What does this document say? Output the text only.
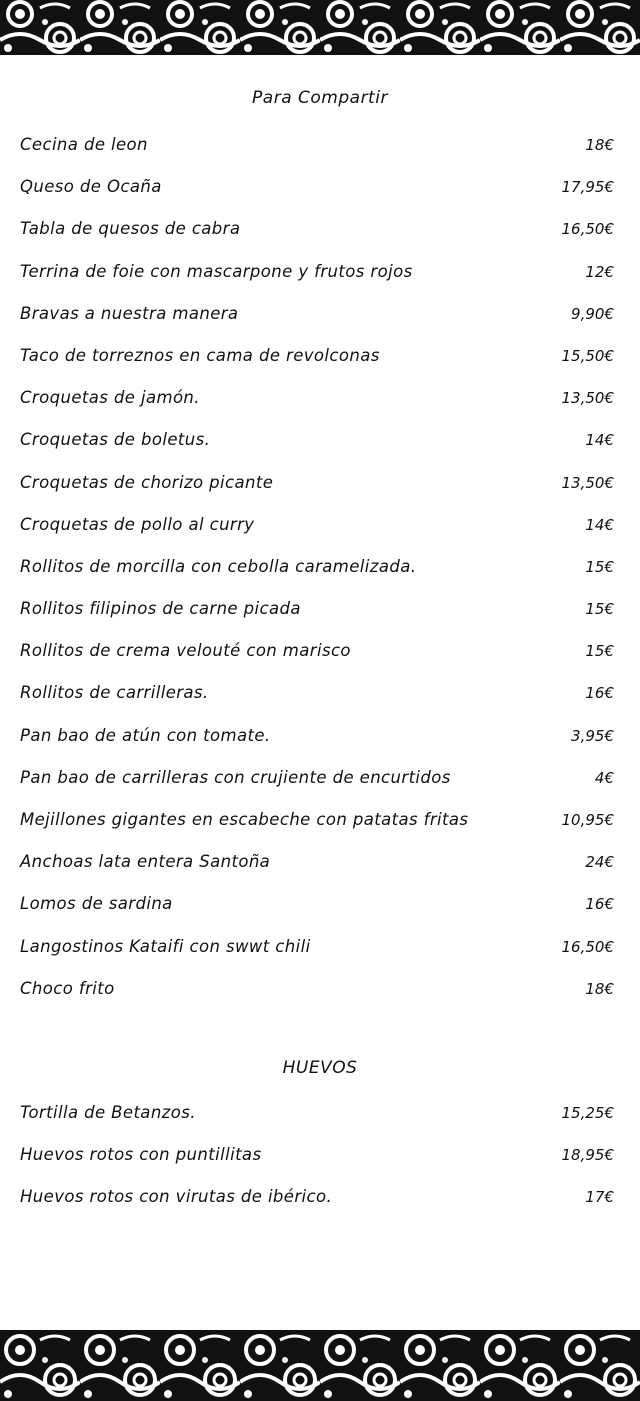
Para Compartir
Cecina de leon	18€
Queso de Ocaña	17,95€
Tabla de quesos de cabra	16,50€
Terrina de foie con mascarpone y frutos rojos	12€
Bravas a nuestra manera	9,90€
Taco de torreznos en cama de revolconas	15,50€
Croquetas de jamón.	13,50€
Croquetas de boletus.	14€
Croquetas de chorizo picante	13,50€
Croquetas de pollo al curry	14€
Rollitos de morcilla con cebolla caramelizada.	15€
Rollitos filipinos de carne picada	15€
Rollitos de crema velouté con marisco	15€
Rollitos de carrilleras.	16€
Pan bao de atún con tomate.	3,95€
Pan bao de carrilleras con crujiente de encurtidos	4€
Mejillones gigantes en escabeche con patatas fritas	10,95€
Anchoas lata entera Santoña	24€
Lomos de sardina	16€
Langostinos Kataifi con swwt chili	16,50€
Choco frito	18€
HUEVOS
Tortilla de Betanzos.	15,25€
Huevos rotos con puntillitas	18,95€
Huevos rotos con virutas de ibérico.	17€
